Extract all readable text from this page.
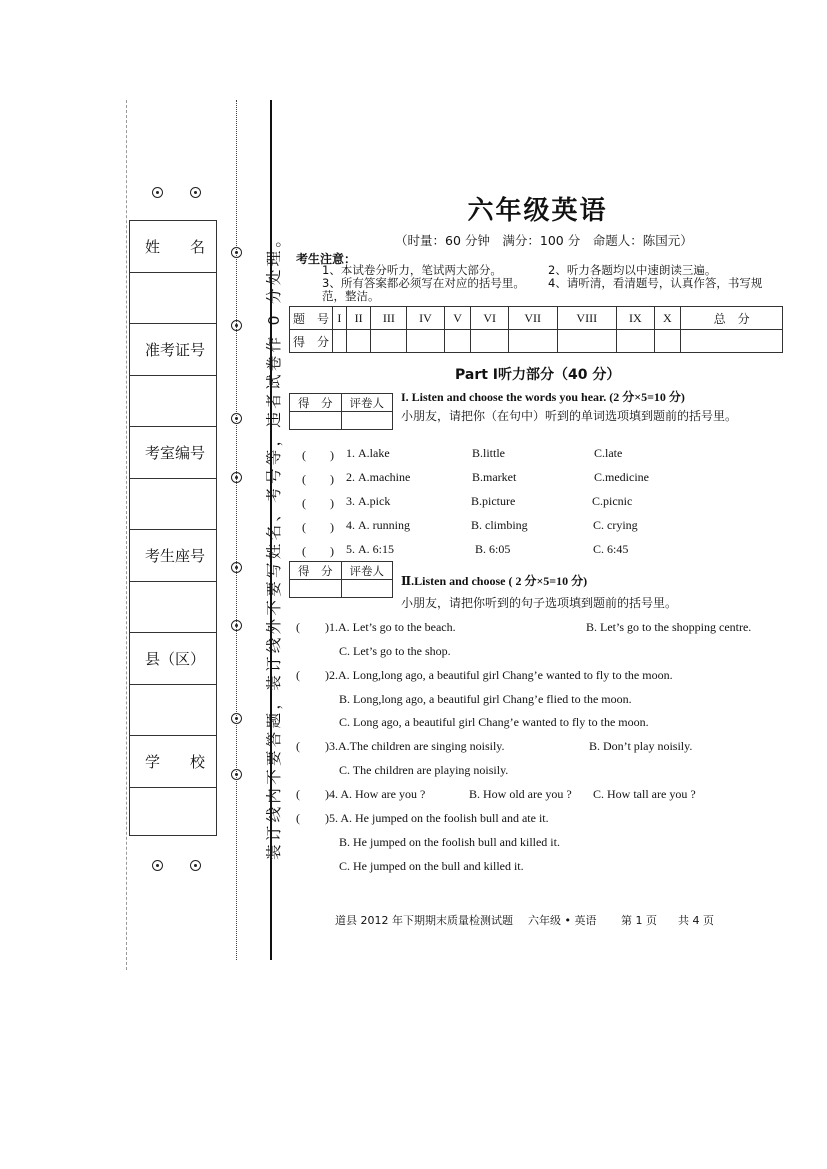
姓　　名
准考证号
考室编号
考生座号
县（区）
学　　校	装订线内不要答题，装订线外不要写姓名、考号等，违者试卷作 0 分处理。
六年级英语
（时量：60 分钟　满分：100 分　命题人：陈国元）
考生注意：
1、本试卷分听力，笔试两大部分。	2、听力各题均以中速朗读三遍。
3、所有答案都必须写在对应的括号里。 4、请听清，看清题号，认真作答，书写规
范，整洁。
题　号	I	II	III	IV	V	VI	VII	VIII	IX	X	总　分
得　分											
Part Ⅰ听力部分（40 分）
得　分	评卷人
	I. Listen and choose the words you hear. (2 分×5=10 分)
小朋友，请把你（在句中）听到的单词选项填到题前的括号里。
(　　) 1. A.lake	B.little	C.late
(　　) 2. A.machine	B.market	C.medicine
(　　) 3. A.pick	B.picture	C.picnic
(　　) 4. A. running	B. climbing	C. crying
(　　) 5. A. 6:15	B. 6:05	C. 6:45
得　分	评卷人

Ⅱ.Listen and choose ( 2 分×5=10 分)
小朋友，请把你听到的句子选项填到题前的括号里。
( )1.A. Let’s go to the beach.	B. Let’s go to the shopping centre.
C. Let’s go to the shop.
( )2.A. Long,long ago, a beautiful girl Chang’e wanted to fly to the moon.
B. Long,long ago, a beautiful girl Chang’e flied to the moon.
C. Long ago, a beautiful girl Chang’e wanted to fly to the moon.
( )3.A.The children are singing noisily.	B. Don’t play noisily.
C. The children are playing noisily.
( )4. A. How are you ?	B. How old are you ? C. How tall are you ?
( )5. A. He jumped on the foolish bull and ate it.
B. He jumped on the foolish bull and killed it.
C. He jumped on the bull and killed it.
道县 2012 年下期期末质量检测试题 六年级 • 英语 第 1 页 共 4 页
